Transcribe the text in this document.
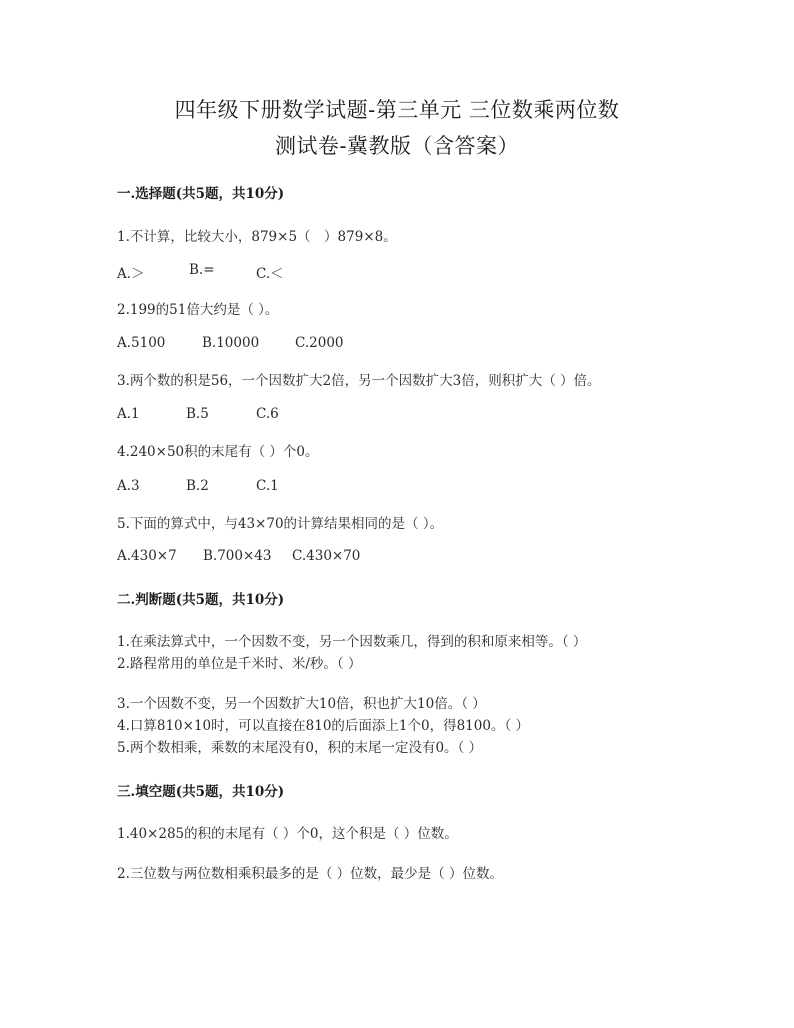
四年级下册数学试题-第三单元 三位数乘两位数
测试卷-冀教版（含答案）
一.选择题(共5题，共10分)
1.不计算，比较大小，879×5（　）879×8。
A.＞	B.=	C.＜
2.199的51倍大约是（ ）。
A.5100	B.10000	C.2000
3.两个数的积是56，一个因数扩大2倍，另一个因数扩大3倍，则积扩大（ ）倍。
A.1	B.5	C.6
4.240×50积的末尾有（ ）个0。
A.3	B.2	C.1
5.下面的算式中，与43×70的计算结果相同的是（ ）。
A.430×7 B.700×43 C.430×70
二.判断题(共5题，共10分)
1.在乘法算式中，一个因数不变，另一个因数乘几，得到的积和原来相等。（ ）
2.路程常用的单位是千米时、米/秒。（ ）
3.一个因数不变，另一个因数扩大10倍，积也扩大10倍。（ ）
4.口算810×10时，可以直接在810的后面添上1个0，得8100。（ ）
5.两个数相乘，乘数的末尾没有0，积的末尾一定没有0。（ ）
三.填空题(共5题，共10分)
1.40×285的积的末尾有（ ）个0，这个积是（ ）位数。
2.三位数与两位数相乘积最多的是（ ）位数，最少是（ ）位数。
